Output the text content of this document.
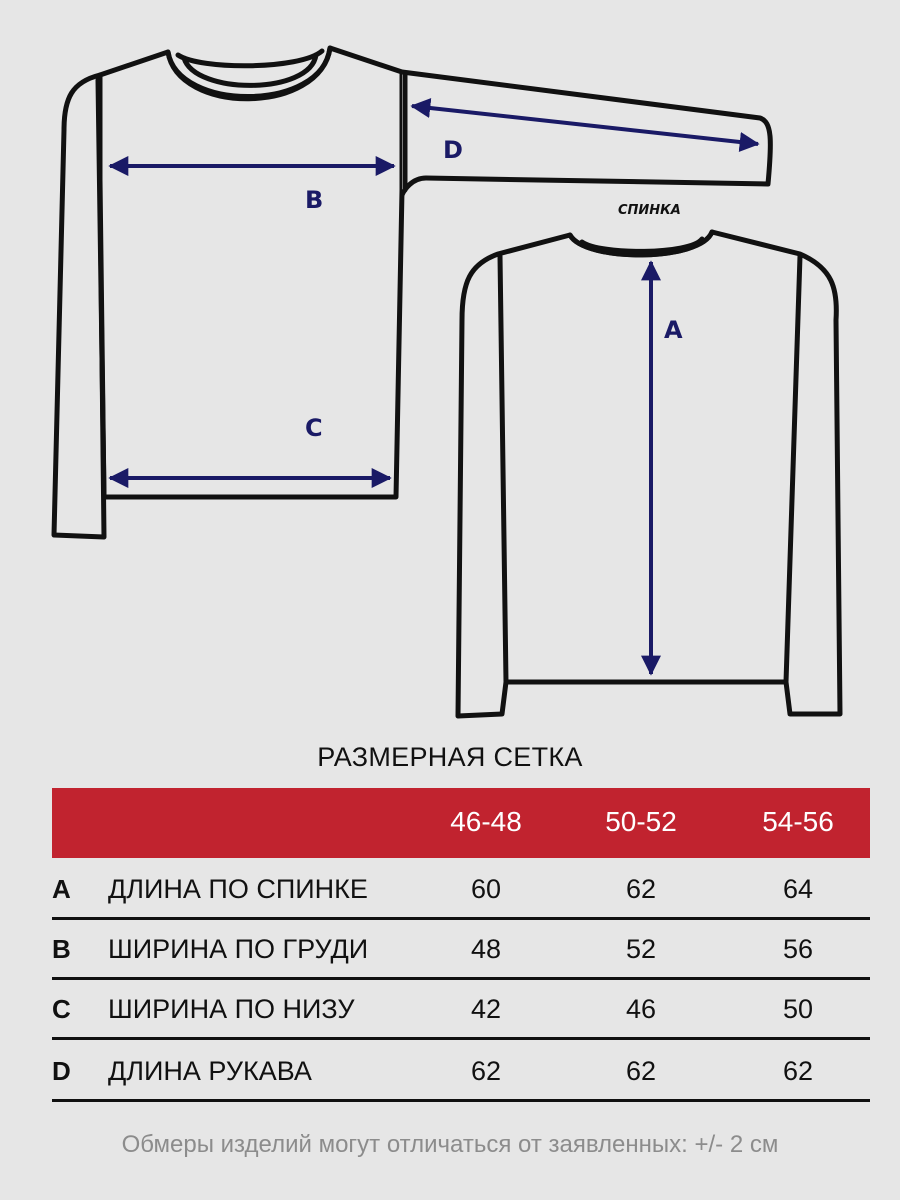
B
C
D
A
СПИНКА
РАЗМЕРНАЯ СЕТКА
46-48	50-52	54-56
A ДЛИНА ПО СПИНКЕ	60	62	64
B ШИРИНА ПО ГРУДИ	48	52	56
C ШИРИНА ПО НИЗУ	42	46	50
D ДЛИНА РУКАВА	62	62	62
Обмеры изделий могут отличаться от заявленных: +/- 2 см
